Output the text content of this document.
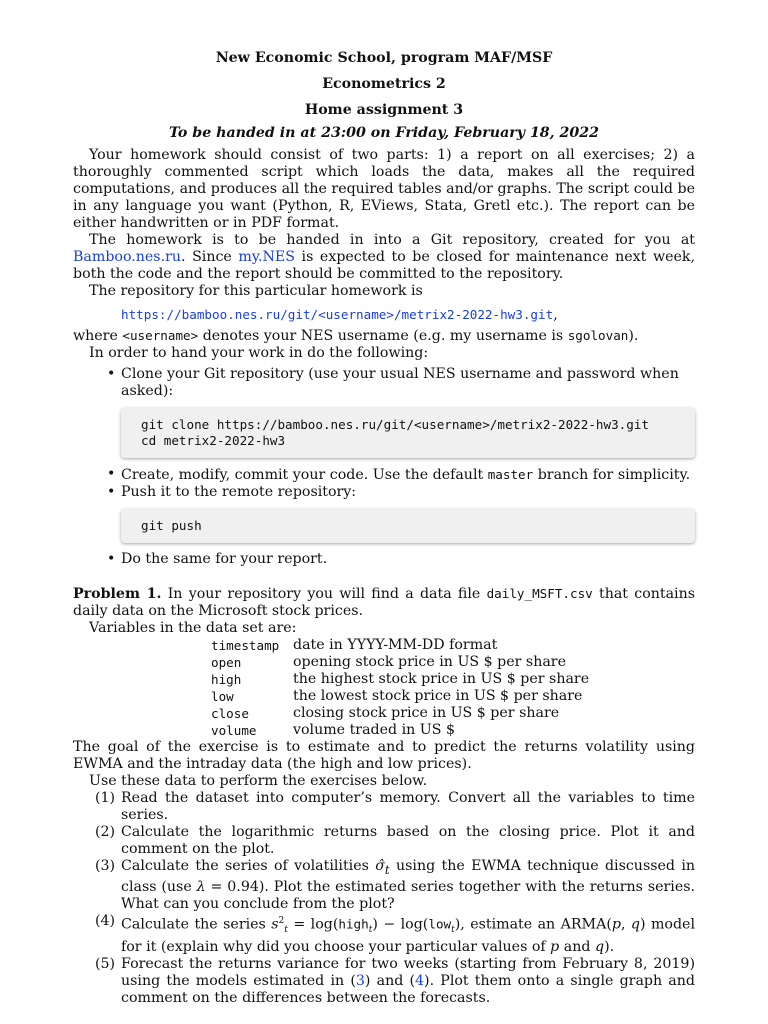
New Economic School, program MAF/MSF
Econometrics 2
Home assignment 3
To be handed in at 23:00 on Friday, February 18, 2022

Your homework should consist of two parts: 1) a report on all exercises; 2) a thoroughly commented script which loads the data, makes all the required computations, and produces all the required tables and/or graphs. The script could be in any language you want (Python, R, EViews, Stata, Gretl etc.). The report can be either handwritten or in PDF format.

The homework is to be handed in into a Git repository, created for you at Bamboo.nes.ru. Since my.NES is expected to be closed for maintenance next week, both the code and the report should be committed to the repository.

The repository for this particular homework is

https://bamboo.nes.ru/git/<username>/metrix2-2022-hw3.git,

where <username> denotes your NES username (e.g. my username is sgolovan).

In order to hand your work in do the following:

• Clone your Git repository (use your usual NES username and password when asked):
git clone https://bamboo.nes.ru/git/<username>/metrix2-2022-hw3.git
cd metrix2-2022-hw3
• Create, modify, commit your code. Use the default master branch for simplicity.
• Push it to the remote repository:
git push
• Do the same for your report.

Problem 1. In your repository you will find a data file daily_MSFT.csv that contains daily data on the Microsoft stock prices.

Variables in the data set are:

timestamp	date in YYYY-MM-DD format
open	opening stock price in US $ per share
high	the highest stock price in US $ per share
low	the lowest stock price in US $ per share
close	closing stock price in US $ per share
volume	volume traded in US $

The goal of the exercise is to estimate and to predict the returns volatility using EWMA and the intraday data (the high and low prices).

Use these data to perform the exercises below.

(1) Read the dataset into computer’s memory. Convert all the variables to time series.
(2) Calculate the logarithmic returns based on the closing price. Plot it and comment on the plot.
(3) Calculate the series of volatilities $\sigmâ_t$ using the EWMA technique discussed in class (use λ = 0.94). Plot the estimated series together with the returns series. What can you conclude from the plot?
(4) Calculate the series $s^2_t$ = log(high$_t$) − log(low$_t$), estimate an ARMA(p, q) model for it (explain why did you choose your particular values of p and q).
(5) Forecast the returns variance for two weeks (starting from February 8, 2019) using the models estimated in (3) and (4). Plot them onto a single graph and comment on the differences between the forecasts.
